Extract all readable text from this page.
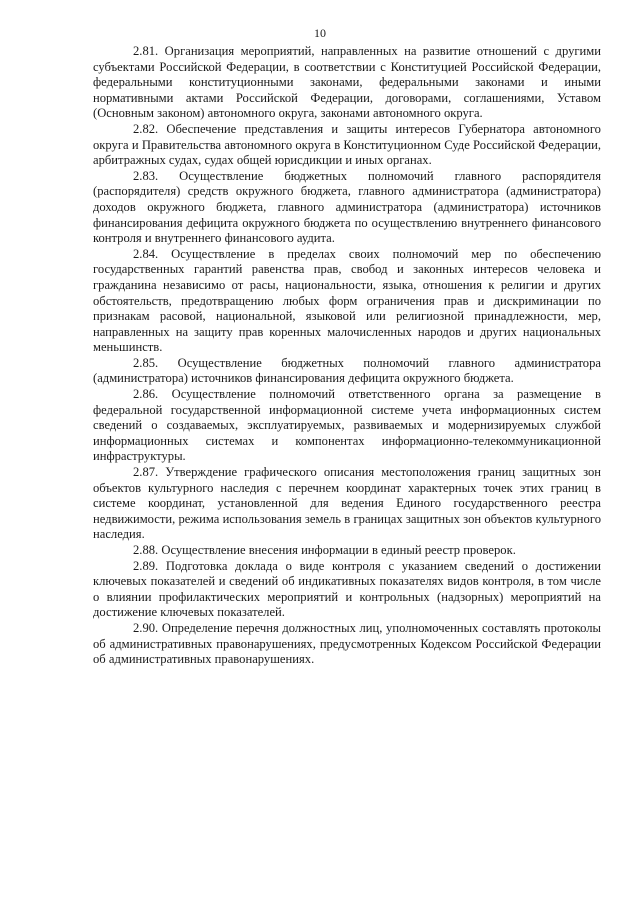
10

2.81. Организация мероприятий, направленных на развитие отношений с другими субъектами Российской Федерации, в соответствии с Конституцией Российской Федерации, федеральными конституционными законами, федеральными законами и иными нормативными актами Российской Федерации, договорами, соглашениями, Уставом (Основным законом) автономного округа, законами автономного округа.

2.82. Обеспечение представления и защиты интересов Губернатора автономного округа и Правительства автономного округа в Конституционном Суде Российской Федерации, арбитражных судах, судах общей юрисдикции и иных органах.

2.83. Осуществление бюджетных полномочий главного распорядителя (распорядителя) средств окружного бюджета, главного администратора (администратора) доходов окружного бюджета, главного администратора (администратора) источников финансирования дефицита окружного бюджета по осуществлению внутреннего финансового контроля и внутреннего финансового аудита.

2.84. Осуществление в пределах своих полномочий мер по обеспечению государственных гарантий равенства прав, свобод и законных интересов человека и гражданина независимо от расы, национальности, языка, отношения к религии и других обстоятельств, предотвращению любых форм ограничения прав и дискриминации по признакам расовой, национальной, языковой или религиозной принадлежности, мер, направленных на защиту прав коренных малочисленных народов и других национальных меньшинств.

2.85. Осуществление бюджетных полномочий главного администратора (администратора) источников финансирования дефицита окружного бюджета.

2.86. Осуществление полномочий ответственного органа за размещение в федеральной государственной информационной системе учета информационных систем сведений о создаваемых, эксплуатируемых, развиваемых и модернизируемых службой информационных системах и компонентах информационно-телекоммуникационной инфраструктуры.

2.87. Утверждение графического описания местоположения границ защитных зон объектов культурного наследия с перечнем координат характерных точек этих границ в системе координат, установленной для ведения Единого государственного реестра недвижимости, режима использования земель в границах защитных зон объектов культурного наследия.

2.88. Осуществление внесения информации в единый реестр проверок.

2.89. Подготовка доклада о виде контроля с указанием сведений о достижении ключевых показателей и сведений об индикативных показателях видов контроля, в том числе о влиянии профилактических мероприятий и контрольных (надзорных) мероприятий на достижение ключевых показателей.

2.90. Определение перечня должностных лиц, уполномоченных составлять протоколы об административных правонарушениях, предусмотренных Кодексом Российской Федерации об административных правонарушениях.
